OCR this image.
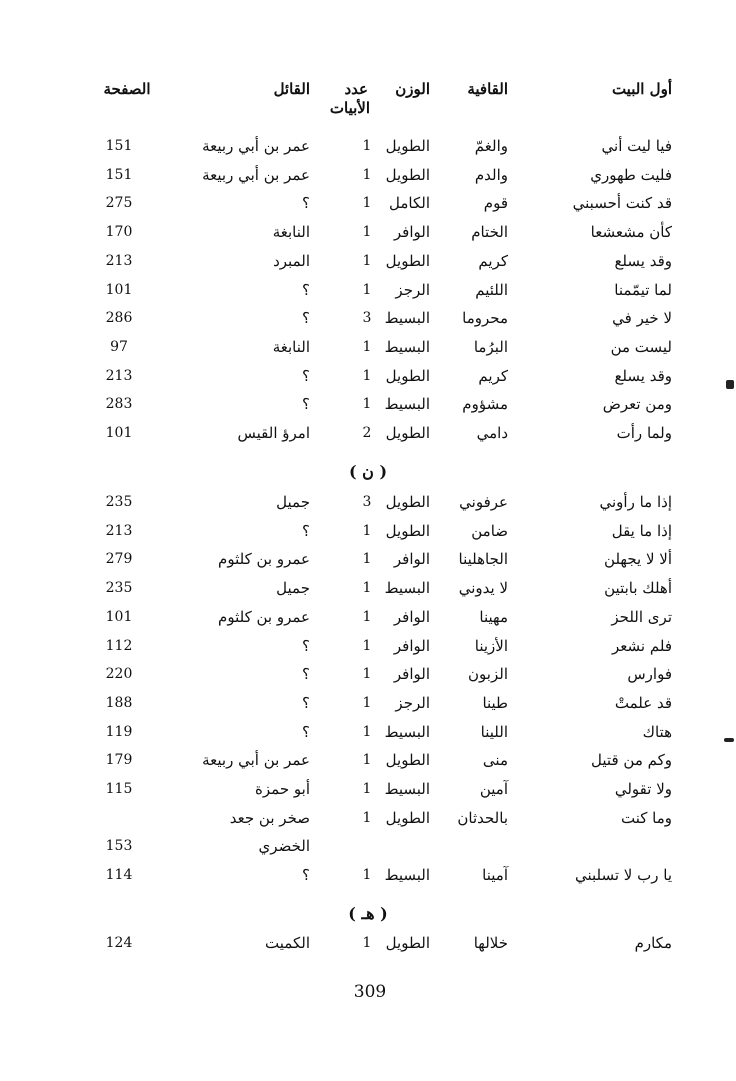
أول البيت
القافية
الوزن
عدد
الأبيات
القائل
الصفحة
فيا ليت أني
والغمّ
الطويل
1
عمر بن أبي ربيعة
151
فليت طهوري
والدم
الطويل
1
عمر بن أبي ربيعة
151
قد كنت أحسبني
قوم
الكامل
1
؟
275
كأن مشعشعا
الختام
الوافر
1
النابغة
170
وقد يسلع
كريم
الطويل
1
المبرد
213
لما تيمّمنا
اللئيم
الرجز
1
؟
101
لا خير في
محروما
البسيط
3
؟
286
ليست من
البرُما
البسيط
1
النابغة
97
وقد يسلع
كريم
الطويل
1
؟
213
ومن تعرض
مشؤوم
البسيط
1
؟
283
ولما رأت
دامي
الطويل
2
امرؤ القيس
101
( ن )
إذا ما رأوني
عرفوني
الطويل
3
جميل
235
إذا ما يقل
ضامن
الطويل
1
؟
213
ألا لا يجهلن
الجاهلينا
الوافر
1
عمرو بن كلثوم
279
أهلك بابتين
لا يدوني
البسيط
1
جميل
235
ترى اللحز
مهينا
الوافر
1
عمرو بن كلثوم
101
فلم نشعر
الأزينا
الوافر
1
؟
112
فوارس
الزبون
الوافر
1
؟
220
قد علمتْ
طينا
الرجز
1
؟
188
هتاك
اللينا
البسيط
1
؟
119
وكم من قتيل
منى
الطويل
1
عمر بن أبي ربيعة
179
ولا تقولي
آمين
البسيط
1
أبو حمزة
115
وما كنت
بالحدثان
الطويل
1
صخر بن جعد
الخضري
153
يا رب لا تسلبني
آمينا
البسيط
1
؟
114
( هـ )
مكارم
خلالها
الطويل
1
الكميت
124
309
